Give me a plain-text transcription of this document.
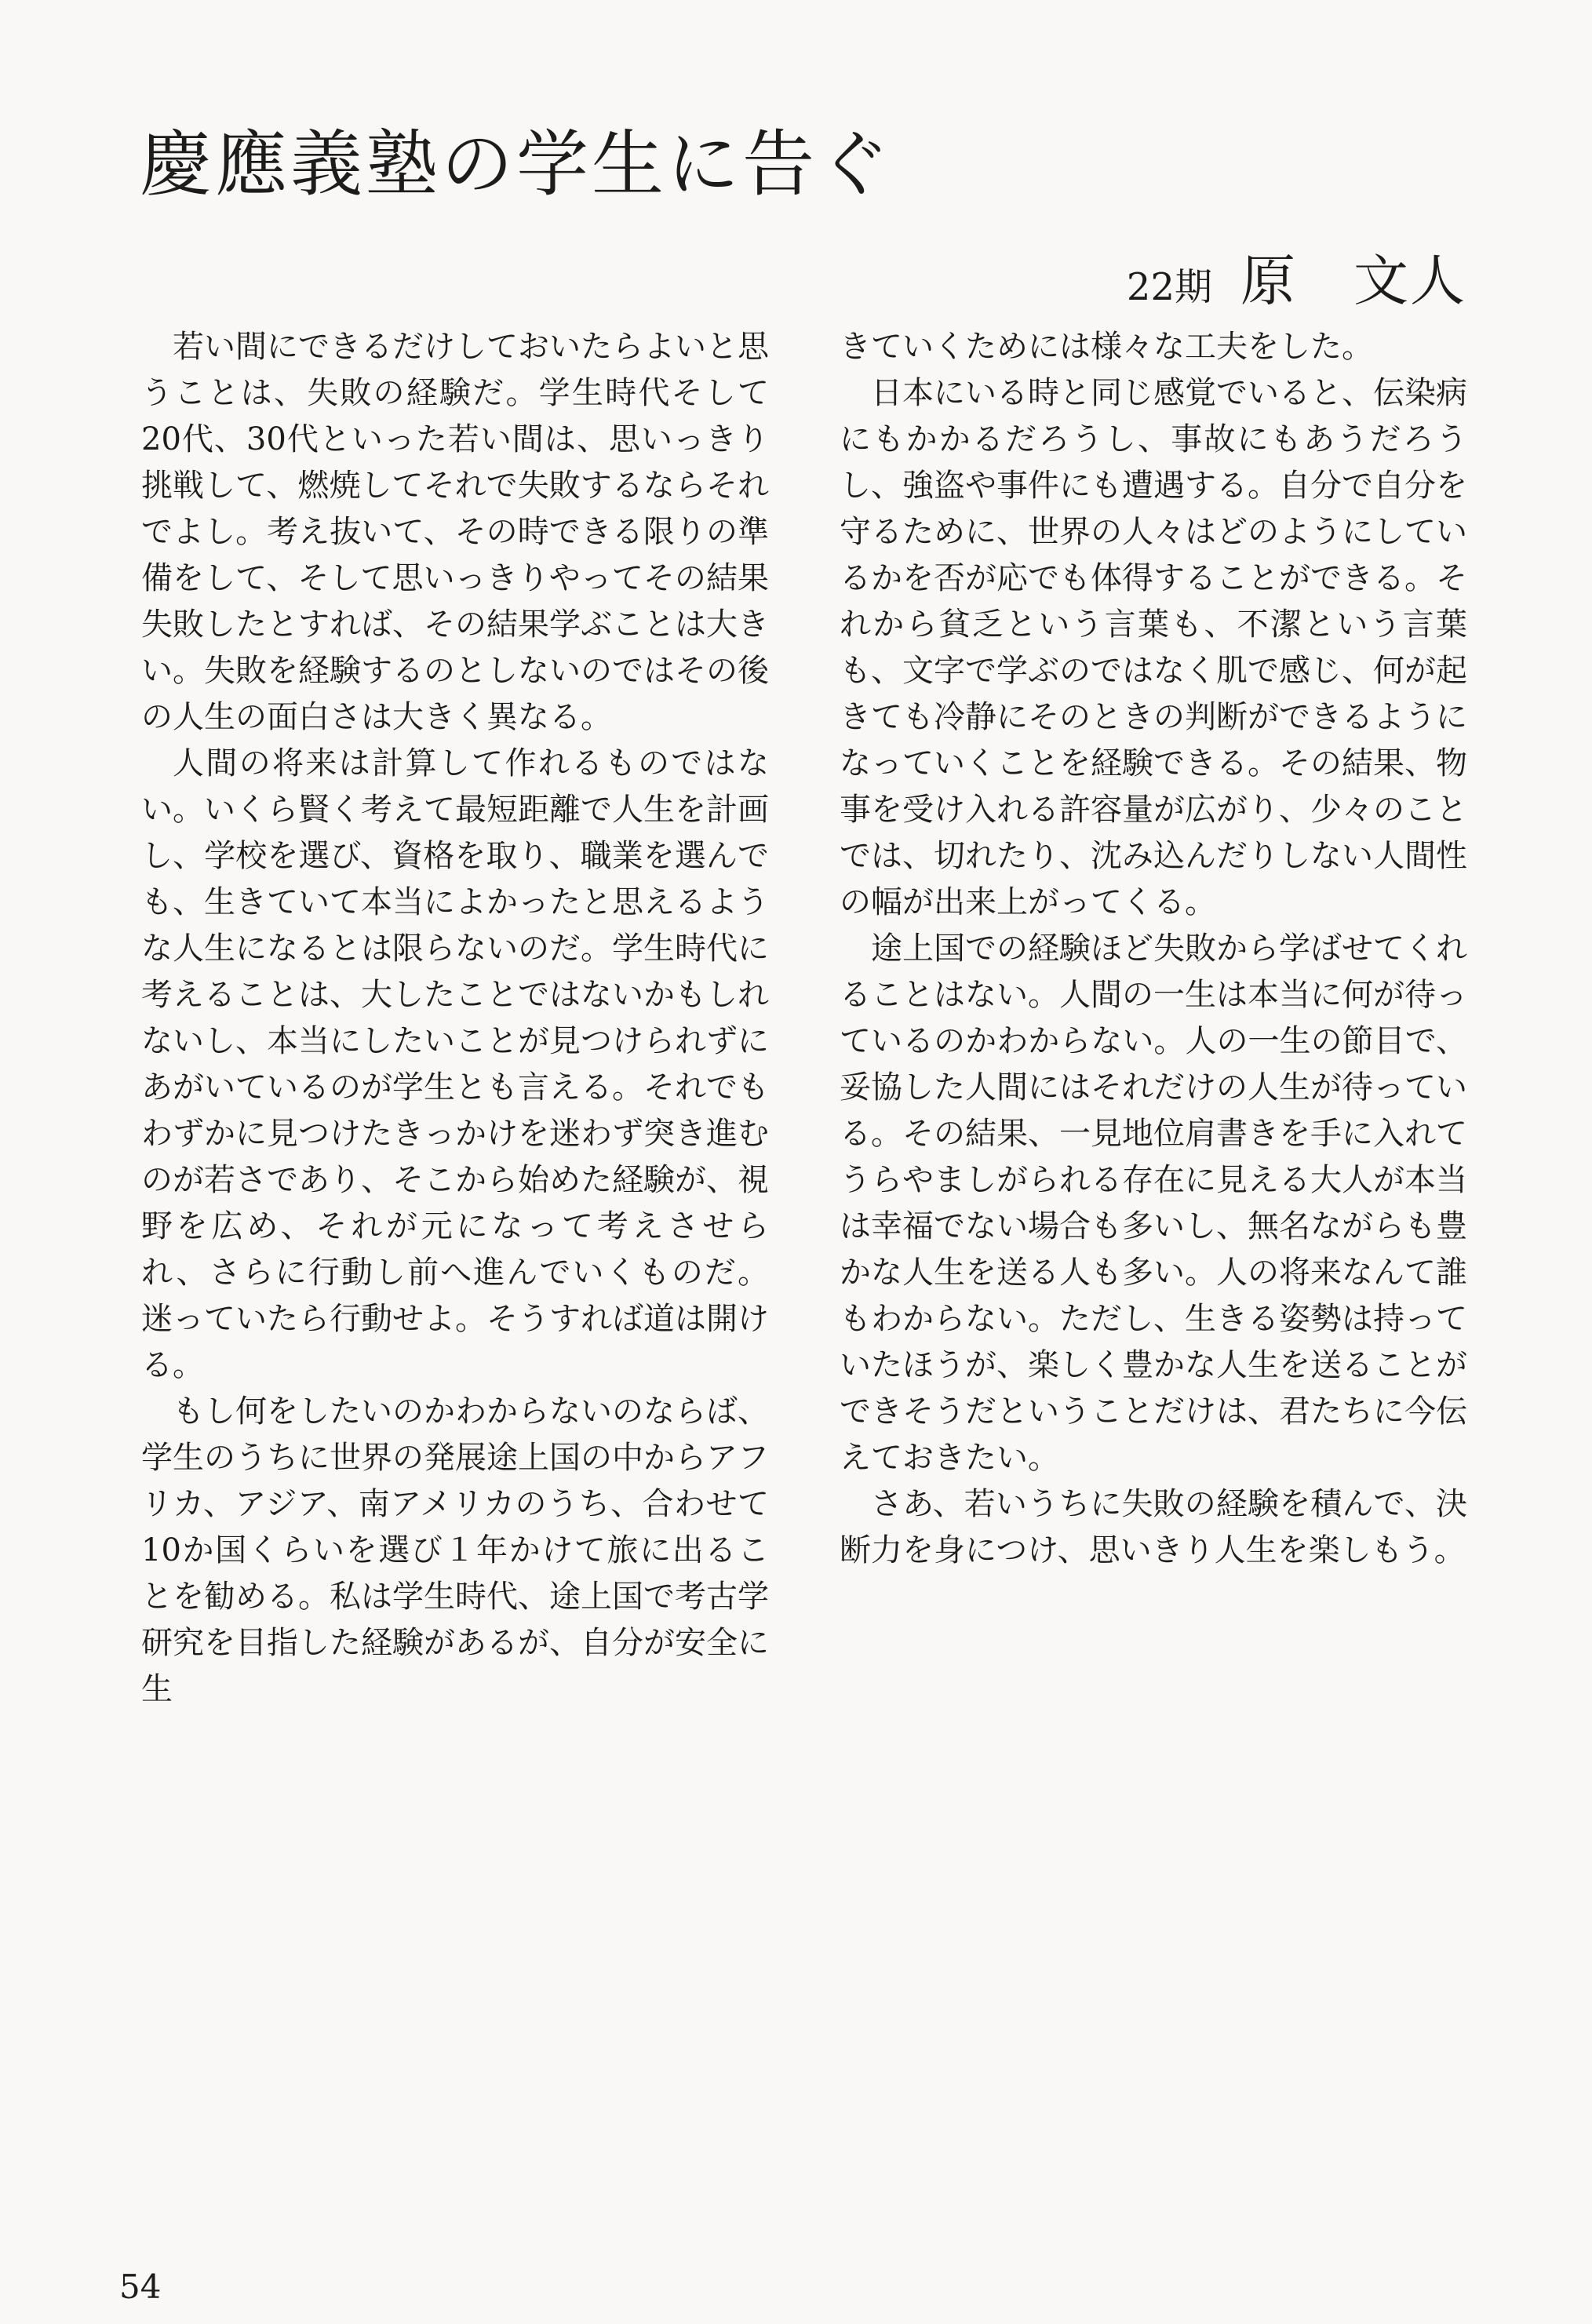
慶應義塾の学生に告ぐ
22期 原　文人

若い間にできるだけしておいたらよいと思うことは、失敗の経験だ。学生時代そして20代、30代といった若い間は、思いっきり挑戦して、燃焼してそれで失敗するならそれでよし。考え抜いて、その時できる限りの準備をして、そして思いっきりやってその結果失敗したとすれば、その結果学ぶことは大きい。失敗を経験するのとしないのではその後の人生の面白さは大きく異なる。

人間の将来は計算して作れるものではない。いくら賢く考えて最短距離で人生を計画し、学校を選び、資格を取り、職業を選んでも、生きていて本当によかったと思えるような人生になるとは限らないのだ。学生時代に考えることは、大したことではないかもしれないし、本当にしたいことが見つけられずにあがいているのが学生とも言える。それでもわずかに見つけたきっかけを迷わず突き進むのが若さであり、そこから始めた経験が、視野を広め、それが元になって考えさせられ、さらに行動し前へ進んでいくものだ。迷っていたら行動せよ。そうすれば道は開ける。

もし何をしたいのかわからないのならば、学生のうちに世界の発展途上国の中からアフリカ、アジア、南アメリカのうち、合わせて10か国くらいを選び１年かけて旅に出ることを勧める。私は学生時代、途上国で考古学研究を目指した経験があるが、自分が安全に生

きていくためには様々な工夫をした。

日本にいる時と同じ感覚でいると、伝染病にもかかるだろうし、事故にもあうだろうし、強盗や事件にも遭遇する。自分で自分を守るために、世界の人々はどのようにしているかを否が応でも体得することができる。それから貧乏という言葉も、不潔という言葉も、文字で学ぶのではなく肌で感じ、何が起きても冷静にそのときの判断ができるようになっていくことを経験できる。その結果、物事を受け入れる許容量が広がり、少々のことでは、切れたり、沈み込んだりしない人間性の幅が出来上がってくる。

途上国での経験ほど失敗から学ばせてくれることはない。人間の一生は本当に何が待っているのかわからない。人の一生の節目で、妥協した人間にはそれだけの人生が待っている。その結果、一見地位肩書きを手に入れてうらやましがられる存在に見える大人が本当は幸福でない場合も多いし、無名ながらも豊かな人生を送る人も多い。人の将来なんて誰もわからない。ただし、生きる姿勢は持っていたほうが、楽しく豊かな人生を送ることができそうだということだけは、君たちに今伝えておきたい。

さあ、若いうちに失敗の経験を積んで、決断力を身につけ、思いきり人生を楽しもう。

54
